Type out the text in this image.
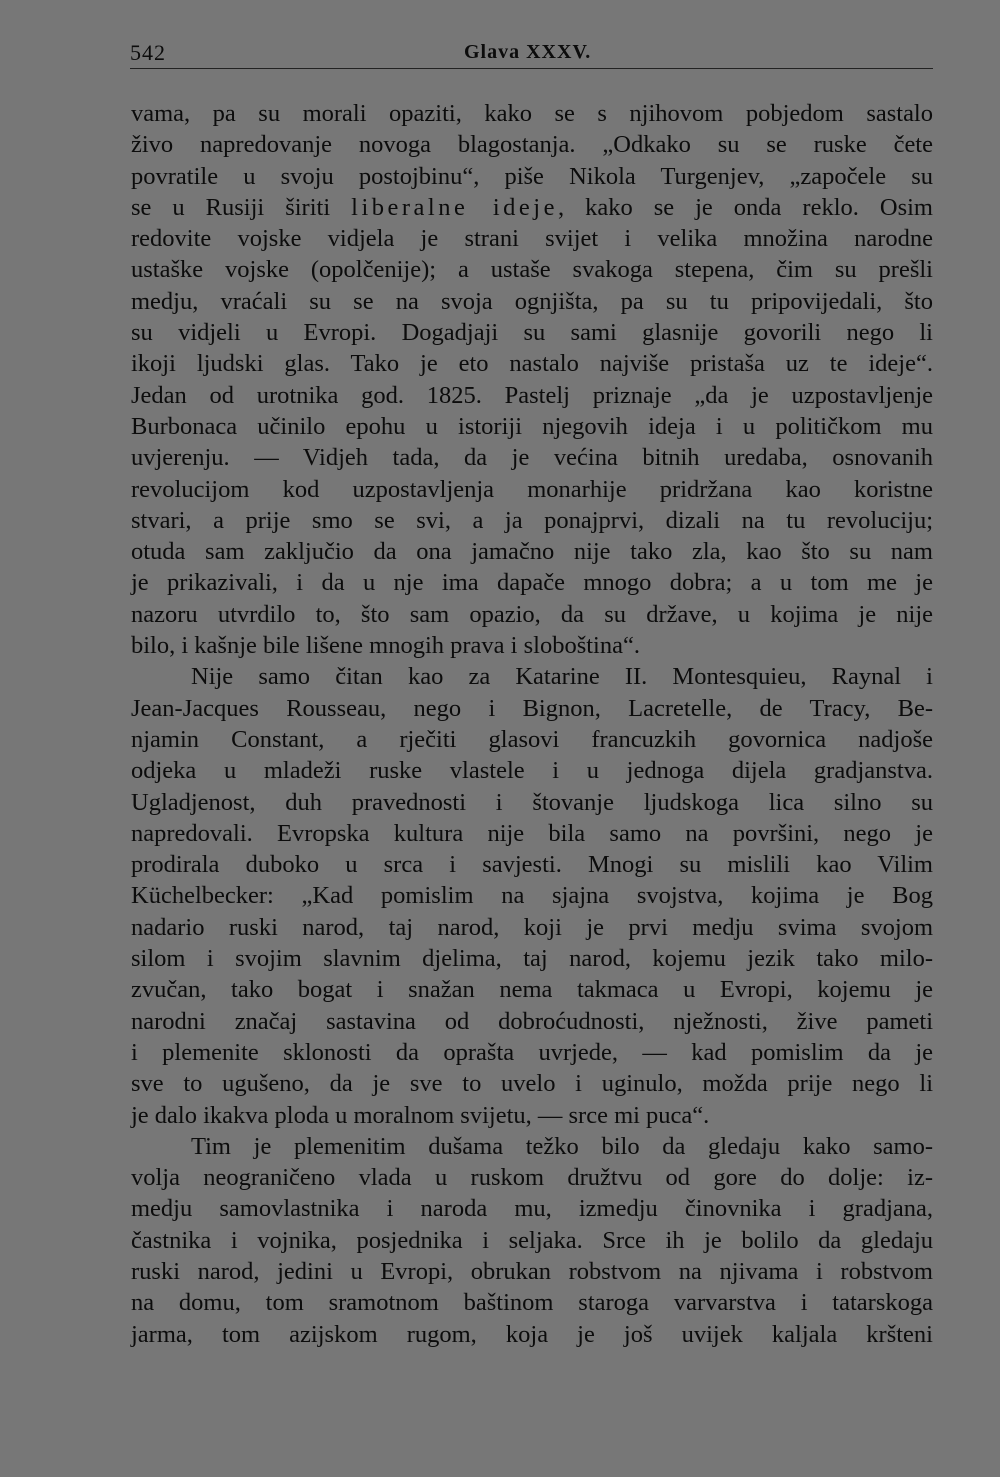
542	Glava XXXV.
vama, pa su morali opaziti, kako se s njihovom pobjedom sastalo
živo napredovanje novoga blagostanja. „Odkako su se ruske čete
povratile u svoju postojbinu“, piše Nikola Turgenjev, „započele su
se u Rusiji širiti liberalne ideje, kako se je onda reklo. Osim
redovite vojske vidjela je strani svijet i velika množina narodne
ustaške vojske (opolčenije); a ustaše svakoga stepena, čim su prešli
medju, vraćali su se na svoja ognjišta, pa su tu pripovijedali, što
su vidjeli u Evropi. Dogadjaji su sami glasnije govorili nego li
ikoji ljudski glas. Tako je eto nastalo najviše pristaša uz te ideje“.
Jedan od urotnika god. 1825. Pastelj priznaje „da je uzpostavljenje
Burbonaca učinilo epohu u istoriji njegovih ideja i u političkom mu
uvjerenju. — Vidjeh tada, da je većina bitnih uredaba, osnovanih
revolucijom kod uzpostavljenja monarhije pridržana kao koristne
stvari, a prije smo se svi, a ja ponajprvi, dizali na tu revoluciju;
otuda sam zaključio da ona jamačno nije tako zla, kao što su nam
je prikazivali, i da u nje ima dapače mnogo dobra; a u tom me je
nazoru utvrdilo to, što sam opazio, da su države, u kojima je nije
bilo, i kašnje bile lišene mnogih prava i sloboština“.
Nije samo čitan kao za Katarine II. Montesquieu, Raynal i
Jean-Jacques Rousseau, nego i Bignon, Lacretelle, de Tracy, Be-
njamin Constant, a rječiti glasovi francuzkih govornica nadjoše
odjeka u mladeži ruske vlastele i u jednoga dijela gradjanstva.
Ugladjenost, duh pravednosti i štovanje ljudskoga lica silno su
napredovali. Evropska kultura nije bila samo na površini, nego je
prodirala duboko u srca i savjesti. Mnogi su mislili kao Vilim
Küchelbecker: „Kad pomislim na sjajna svojstva, kojima je Bog
nadario ruski narod, taj narod, koji je prvi medju svima svojom
silom i svojim slavnim djelima, taj narod, kojemu jezik tako milo-
zvučan, tako bogat i snažan nema takmaca u Evropi, kojemu je
narodni značaj sastavina od dobroćudnosti, nježnosti, žive pameti
i plemenite sklonosti da oprašta uvrjede, — kad pomislim da je
sve to ugušeno, da je sve to uvelo i uginulo, možda prije nego li
je dalo ikakva ploda u moralnom svijetu, — srce mi puca“.
Tim je plemenitim dušama težko bilo da gledaju kako samo-
volja neograničeno vlada u ruskom družtvu od gore do dolje: iz-
medju samovlastnika i naroda mu, izmedju činovnika i gradjana,
častnika i vojnika, posjednika i seljaka. Srce ih je bolilo da gledaju
ruski narod, jedini u Evropi, obrukan robstvom na njivama i robstvom
na domu, tom sramotnom baštinom staroga varvarstva i tatarskoga
jarma, tom azijskom rugom, koja je još uvijek kaljala kršteni
